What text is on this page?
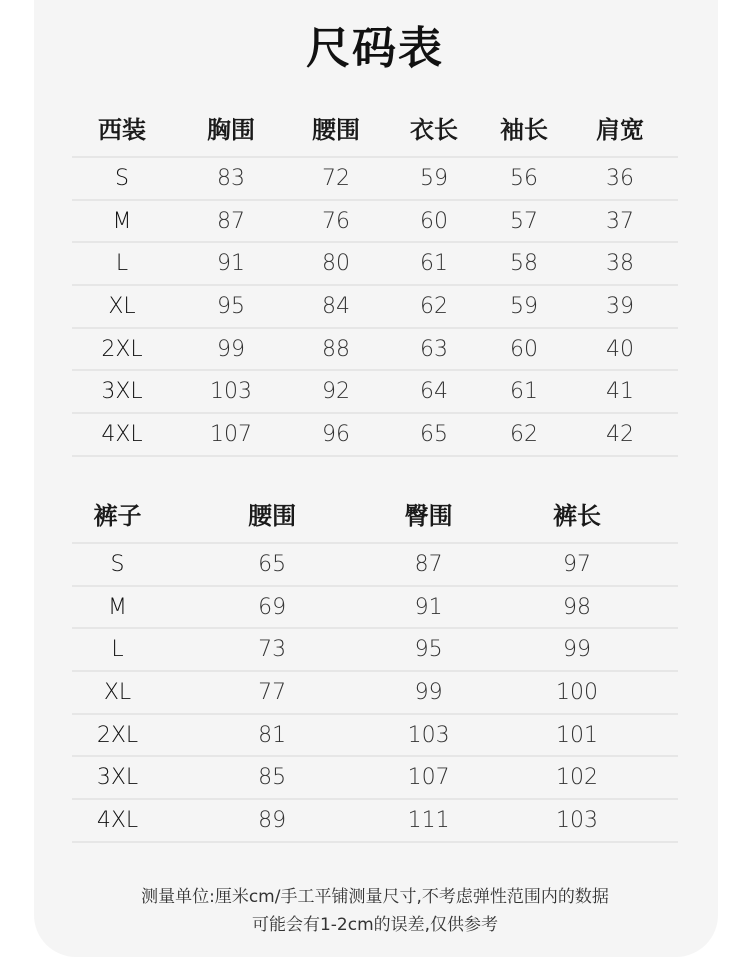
尺码表
西装	胸围	腰围	衣长	袖长	肩宽
S	83	72	59	56	36
M	87	76	60	57	37
L	91	80	61	58	38
XL	95	84	62	59	39
2XL	99	88	63	60	40
3XL	103	92	64	61	41
4XL	107	96	65	62	42
裤子	腰围	臀围	裤长
S	65	87	97
M	69	91	98
L	73	95	99
XL	77	99	100
2XL	81	103	101
3XL	85	107	102
4XL	89	111	103
测量单位:厘米cm/手工平铺测量尺寸,不考虑弹性范围内的数据
可能会有1-2cm的误差,仅供参考
